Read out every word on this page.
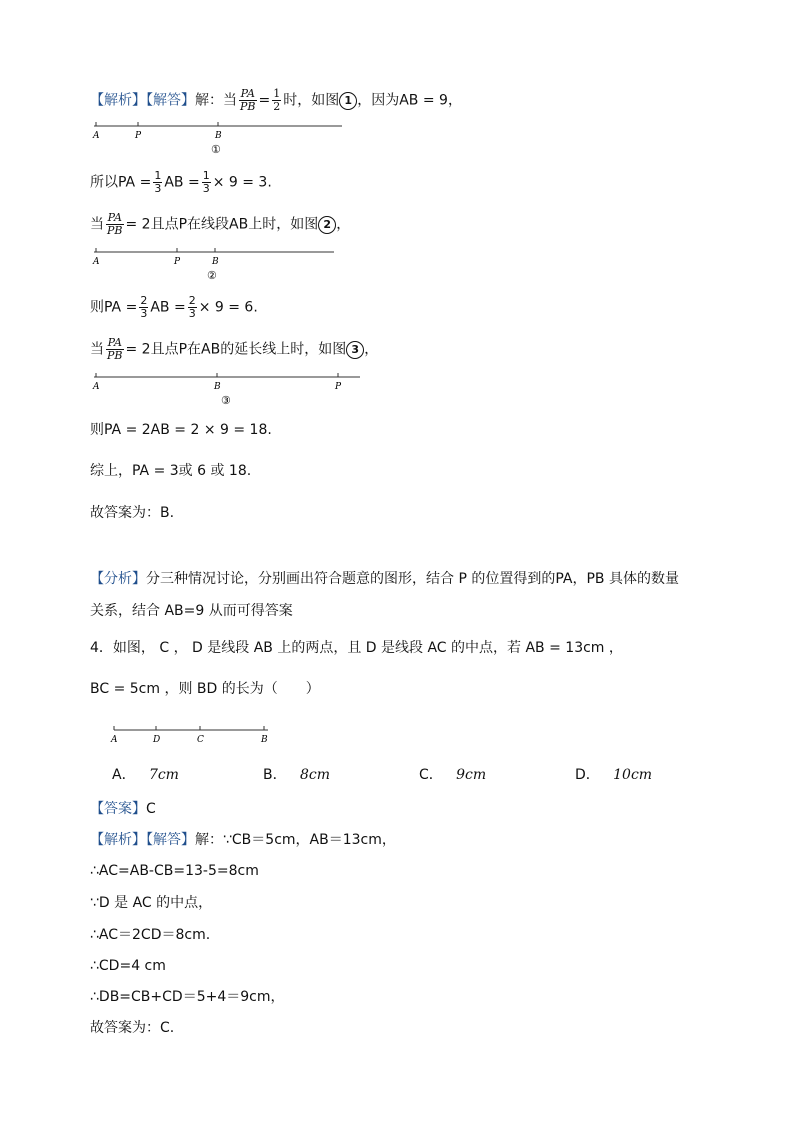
【解析】【解答】解：当 $\frac{PA}{PB} = \frac{1}{2}$ 时，如图 1 ，因为AB = 9，
A	P	B
①
所以PA = $\frac{1}{3}$ AB = $\frac{1}{3} \times 9 = 3$.
当 $\frac{PA}{PB} = 2$且点P在线段AB上时，如图 2 ，
A	P	B
②
则PA = $\frac{2}{3}$ AB = $\frac{2}{3} \times 9 = 6$.
当 $\frac{PA}{PB} = 2$且点P在AB的延长线上时，如图 3 ，
A	B	P
③
则PA = 2AB = 2 × 9 = 18.
综上，PA = 3或 6 或 18.
故答案为：B.
【分析】分三种情况讨论，分别画出符合题意的图形，结合 P 的位置得到的PA，PB 具体的数量
关系，结合 AB=9 从而可得答案
4．如图， C ， D 是线段 AB 上的两点，且 D 是线段 AC 的中点，若 AB = 13cm ，
BC = 5cm ，则 BD 的长为（　　）
A	D	C	B
A． 7cm	B． 8cm	C． 9cm	D． 10cm
【答案】C
【解析】【解答】解：∵CB＝5cm，AB＝13cm，
∴AC=AB-CB=13-5=8cm
∵D 是 AC 的中点，
∴AC＝2CD＝8cm.
∴CD=4 cm
∴DB=CB+CD＝5+4＝9cm，
故答案为：C.
